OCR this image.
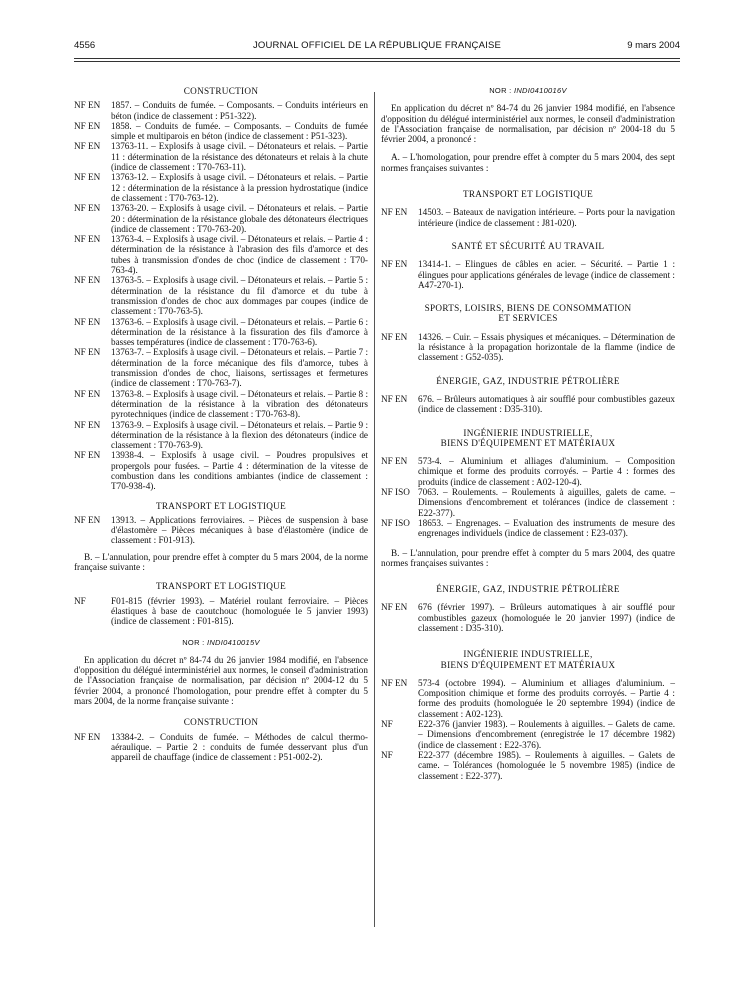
4556	JOURNAL OFFICIEL DE LA RÉPUBLIQUE FRANÇAISE	9 mars 2004
CONSTRUCTION
NF EN	1857. – Conduits de fumée. – Composants. – Conduits intérieurs en béton (indice de classement : P51-322).
NF EN	1858. – Conduits de fumée. – Composants. – Conduits de fumée simple et multiparois en béton (indice de classement : P51-323).
NF EN	13763-11. – Explosifs à usage civil. – Détonateurs et relais. – Partie 11 : détermination de la résistance des détonateurs et relais à la chute (indice de classement : T70-763-11).
NF EN	13763-12. – Explosifs à usage civil. – Détonateurs et relais. – Partie 12 : détermination de la résistance à la pression hydrostatique (indice de classement : T70-763-12).
NF EN	13763-20. – Explosifs à usage civil. – Détonateurs et relais. – Partie 20 : détermination de la résistance globale des détonateurs électriques (indice de classement : T70-763-20).
NF EN	13763-4. – Explosifs à usage civil. – Détonateurs et relais. – Partie 4 : détermination de la résistance à l'abrasion des fils d'amorce et des tubes à transmission d'ondes de choc (indice de classement : T70-763-4).
NF EN	13763-5. – Explosifs à usage civil. – Détonateurs et relais. – Partie 5 : détermination de la résistance du fil d'amorce et du tube à transmission d'ondes de choc aux dommages par coupes (indice de classement : T70-763-5).
NF EN	13763-6. – Explosifs à usage civil. – Détonateurs et relais. – Partie 6 : détermination de la résistance à la fissuration des fils d'amorce à basses températures (indice de classement : T70-763-6).
NF EN	13763-7. – Explosifs à usage civil. – Détonateurs et relais. – Partie 7 : détermination de la force mécanique des fils d'amorce, tubes à transmission d'ondes de choc, liaisons, sertissages et fermetures (indice de classement : T70-763-7).
NF EN	13763-8. – Explosifs à usage civil. – Détonateurs et relais. – Partie 8 : détermination de la résistance à la vibration des détonateurs pyrotechniques (indice de classement : T70-763-8).
NF EN	13763-9. – Explosifs à usage civil. – Détonateurs et relais. – Partie 9 : détermination de la résistance à la flexion des détonateurs (indice de classement : T70-763-9).
NF EN	13938-4. – Explosifs à usage civil. – Poudres propulsives et propergols pour fusées. – Partie 4 : détermination de la vitesse de combustion dans les conditions ambiantes (indice de classement : T70-938-4).
TRANSPORT ET LOGISTIQUE
NF EN	13913. – Applications ferroviaires. – Pièces de suspension à base d'élastomère – Pièces mécaniques à base d'élastomère (indice de classement : F01-913).
B. – L'annulation, pour prendre effet à compter du 5 mars 2004, de la norme française suivante :
TRANSPORT ET LOGISTIQUE
NF	F01-815 (février 1993). – Matériel roulant ferroviaire. – Pièces élastiques à base de caoutchouc (homologuée le 5 janvier 1993) (indice de classement : F01-815).
NOR : INDI0410015V
En application du décret nº 84-74 du 26 janvier 1984 modifié, en l'absence d'opposition du délégué interministériel aux normes, le conseil d'administration de l'Association française de normalisation, par décision nº 2004-12 du 5 février 2004, a prononcé l'homologation, pour prendre effet à compter du 5 mars 2004, de la norme française suivante :
CONSTRUCTION
NF EN	13384-2. – Conduits de fumée. – Méthodes de calcul thermo-aéraulique. – Partie 2 : conduits de fumée desservant plus d'un appareil de chauffage (indice de classement : P51-002-2).
NOR : INDI0410016V
En application du décret nº 84-74 du 26 janvier 1984 modifié, en l'absence d'opposition du délégué interministériel aux normes, le conseil d'administration de l'Association française de normalisation, par décision nº 2004-18 du 5 février 2004, a prononcé :
A. – L'homologation, pour prendre effet à compter du 5 mars 2004, des sept normes françaises suivantes :
TRANSPORT ET LOGISTIQUE
NF EN	14503. – Bateaux de navigation intérieure. – Ports pour la navigation intérieure (indice de classement : J81-020).
SANTÉ ET SÉCURITÉ AU TRAVAIL
NF EN	13414-1. – Elingues de câbles en acier. – Sécurité. – Partie 1 : élingues pour applications générales de levage (indice de classement : A47-270-1).
SPORTS, LOISIRS, BIENS DE CONSOMMATION
ET SERVICES
NF EN	14326. – Cuir. – Essais physiques et mécaniques. – Détermination de la résistance à la propagation horizontale de la flamme (indice de classement : G52-035).
ÉNERGIE, GAZ, INDUSTRIE PÉTROLIÈRE
NF EN	676. – Brûleurs automatiques à air soufflé pour combustibles gazeux (indice de classement : D35-310).
INGÉNIERIE INDUSTRIELLE,
BIENS D'ÉQUIPEMENT ET MATÉRIAUX
NF EN	573-4. – Aluminium et alliages d'aluminium. – Composition chimique et forme des produits corroyés. – Partie 4 : formes des produits (indice de classement : A02-120-4).
NF ISO 7063. – Roulements. – Roulements à aiguilles, galets de came. – Dimensions d'encombrement et tolérances (indice de classement : E22-377).
NF ISO 18653. – Engrenages. – Evaluation des instruments de mesure des engrenages individuels (indice de classement : E23-037).
B. – L'annulation, pour prendre effet à compter du 5 mars 2004, des quatre normes françaises suivantes :
ÉNERGIE, GAZ, INDUSTRIE PÉTROLIÈRE
NF EN	676 (février 1997). – Brûleurs automatiques à air soufflé pour combustibles gazeux (homologuée le 20 janvier 1997) (indice de classement : D35-310).
INGÉNIERIE INDUSTRIELLE,
BIENS D'ÉQUIPEMENT ET MATÉRIAUX
NF EN	573-4 (octobre 1994). – Aluminium et alliages d'aluminium. – Composition chimique et forme des produits corroyés. – Partie 4 : forme des produits (homologuée le 20 septembre 1994) (indice de classement : A02-123).
NF	E22-376 (janvier 1983). – Roulements à aiguilles. – Galets de came. – Dimensions d'encombrement (enregistrée le 17 décembre 1982) (indice de classement : E22-376).
NF	E22-377 (décembre 1985). – Roulements à aiguilles. – Galets de came. – Tolérances (homologuée le 5 novembre 1985) (indice de classement : E22-377).
